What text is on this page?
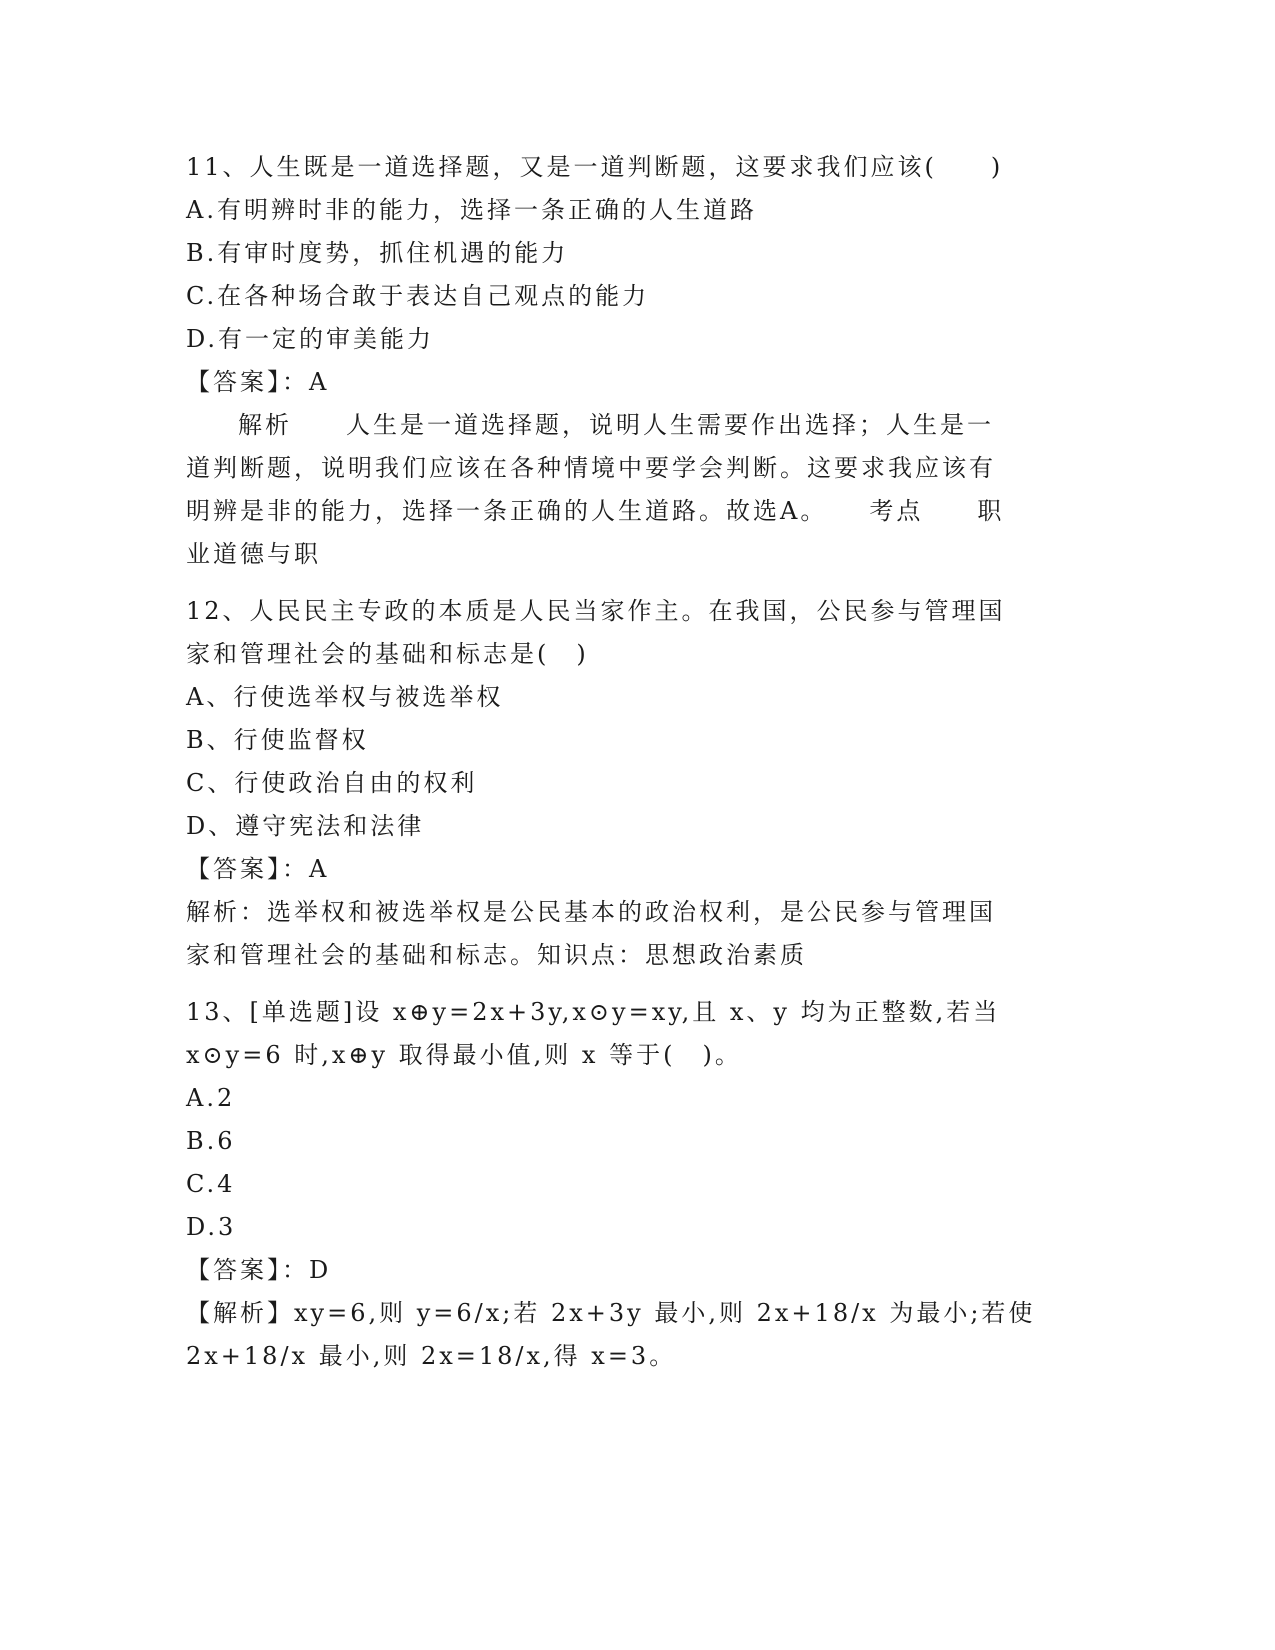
11、人生既是一道选择题，又是一道判断题，这要求我们应该(　　)
A.有明辨时非的能力，选择一条正确的人生道路
B.有审时度势，抓住机遇的能力
C.在各种场合敢于表达自己观点的能力
D.有一定的审美能力
【答案】：A
解析　　人生是一道选择题，说明人生需要作出选择；人生是一
道判断题，说明我们应该在各种情境中要学会判断。这要求我应该有
明辨是非的能力，选择一条正确的人生道路。故选A。　　考点　　职
业道德与职
12、人民民主专政的本质是人民当家作主。在我国，公民参与管理国
家和管理社会的基础和标志是(　)
A、行使选举权与被选举权
B、行使监督权
C、行使政治自由的权利
D、遵守宪法和法律
【答案】：A
解析：选举权和被选举权是公民基本的政治权利，是公民参与管理国
家和管理社会的基础和标志。知识点：思想政治素质
13、[单选题]设 x⊕y=2x+3y,x⊙y=xy,且 x、y 均为正整数,若当
x⊙y=6 时,x⊕y 取得最小值,则 x 等于(　)。
A.2
B.6
C.4
D.3
【答案】：D
【解析】xy=6,则 y=6/x;若 2x+3y 最小,则 2x+18/x 为最小;若使
2x+18/x 最小,则 2x=18/x,得 x=3。
